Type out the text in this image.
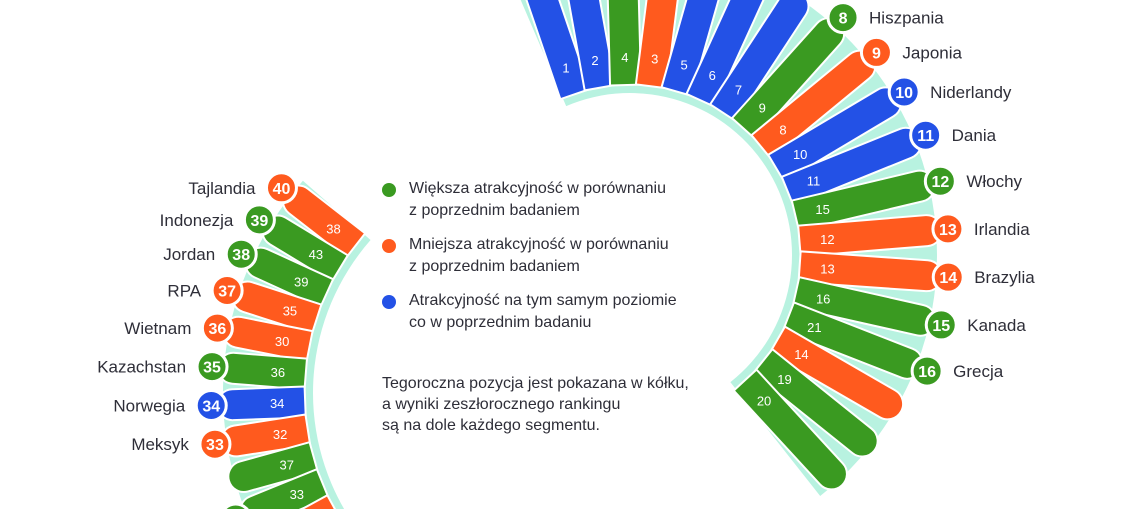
1
2 4 3 5
6
7
9
8 Hiszpania
8
9 Japonia
10
10 Niderlandy
11
11 Dania
15
12 Włochy
12
13 Irlandia
13
14 Brazylia
16
15 Kanada
21
16 Grecja
14
19
20
38
40
Tajlandia
43
39
Indonezja
39
38
Jordan
35
37
RPA
30
36
Wietnam
36
35
Kazachstan
34
34
Norwegia
32
33
Meksyk
37
33
Większa atrakcyjność w porównaniu
z poprzednim badaniem
Mniejsza atrakcyjność w porównaniu
z poprzednim badaniem
Atrakcyjność na tym samym poziomie
co w poprzednim badaniu
Tegoroczna pozycja jest pokazana w kółku,
a wyniki zeszłorocznego rankingu
są na dole każdego segmentu.
